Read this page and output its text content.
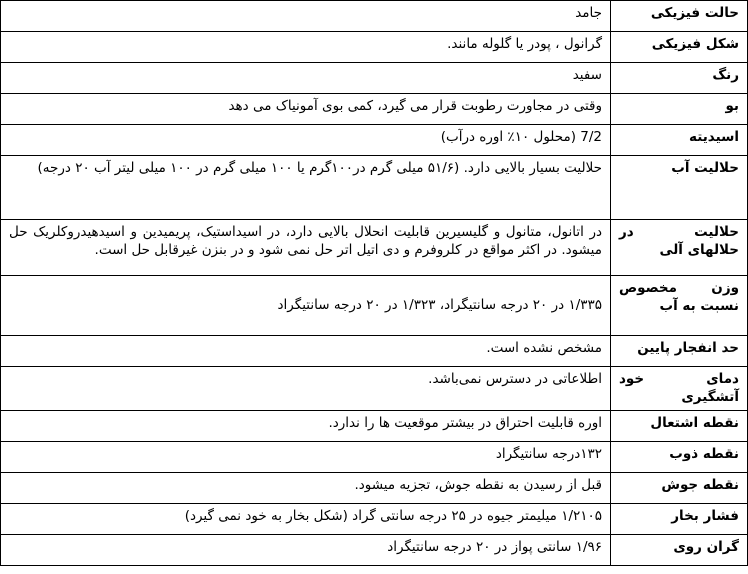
حالت فیزیکی	جامد
شکل فیزیکی	گرانول ، پودر یا گلوله مانند.
رنگ	سفید
بو	وقتی در مجاورت رطوبت قرار می گیرد، کمی بوی آمونیاک می دهد
اسیدیته	7/2 (محلول ۱۰٪ اوره درآب)
حلالیت آب	حلالیت بسیار بالایی دارد. (۵۱/۶ میلی گرم در۱۰۰گرم یا ۱۰۰ میلی گرم در ۱۰۰ میلی لیتر آب ۲۰ درجه)
حلالیت در حلالهای آلی	در اتانول، متانول و گلیسیرین قابلیت انحلال بالایی دارد، در اسیداستیک، پریمیدین و اسیدهیدروکلریک حل میشود. در اکثر مواقع در کلروفرم و دی اتیل اتر حل نمی شود و در بنزن غیرقابل حل است.
وزن مخصوص نسبت به آب	۱/۳۳۵ در ۲۰ درجه سانتیگراد، ۱/۳۲۳ در ۲۰ درجه سانتیگراد
حد انفجار پایین	مشخص نشده است.
دمای خود آتشگیری	اطلاعاتی در دسترس نمی‌باشد.
نقطه اشتعال	اوره قابلیت احتراق در بیشتر موقعیت ها را ندارد.
نقطه ذوب	۱۳۲درجه سانتیگراد
نقطه جوش	قبل از رسیدن به نقطه جوش، تجزیه میشود.
فشار بخار	۱/۲۱۰۵ میلیمتر جیوه در ۲۵ درجه سانتی گراد (شکل بخار به خود نمی گیرد)
گران روی	۱/۹۶ سانتی پواز در ۲۰ درجه سانتیگراد
